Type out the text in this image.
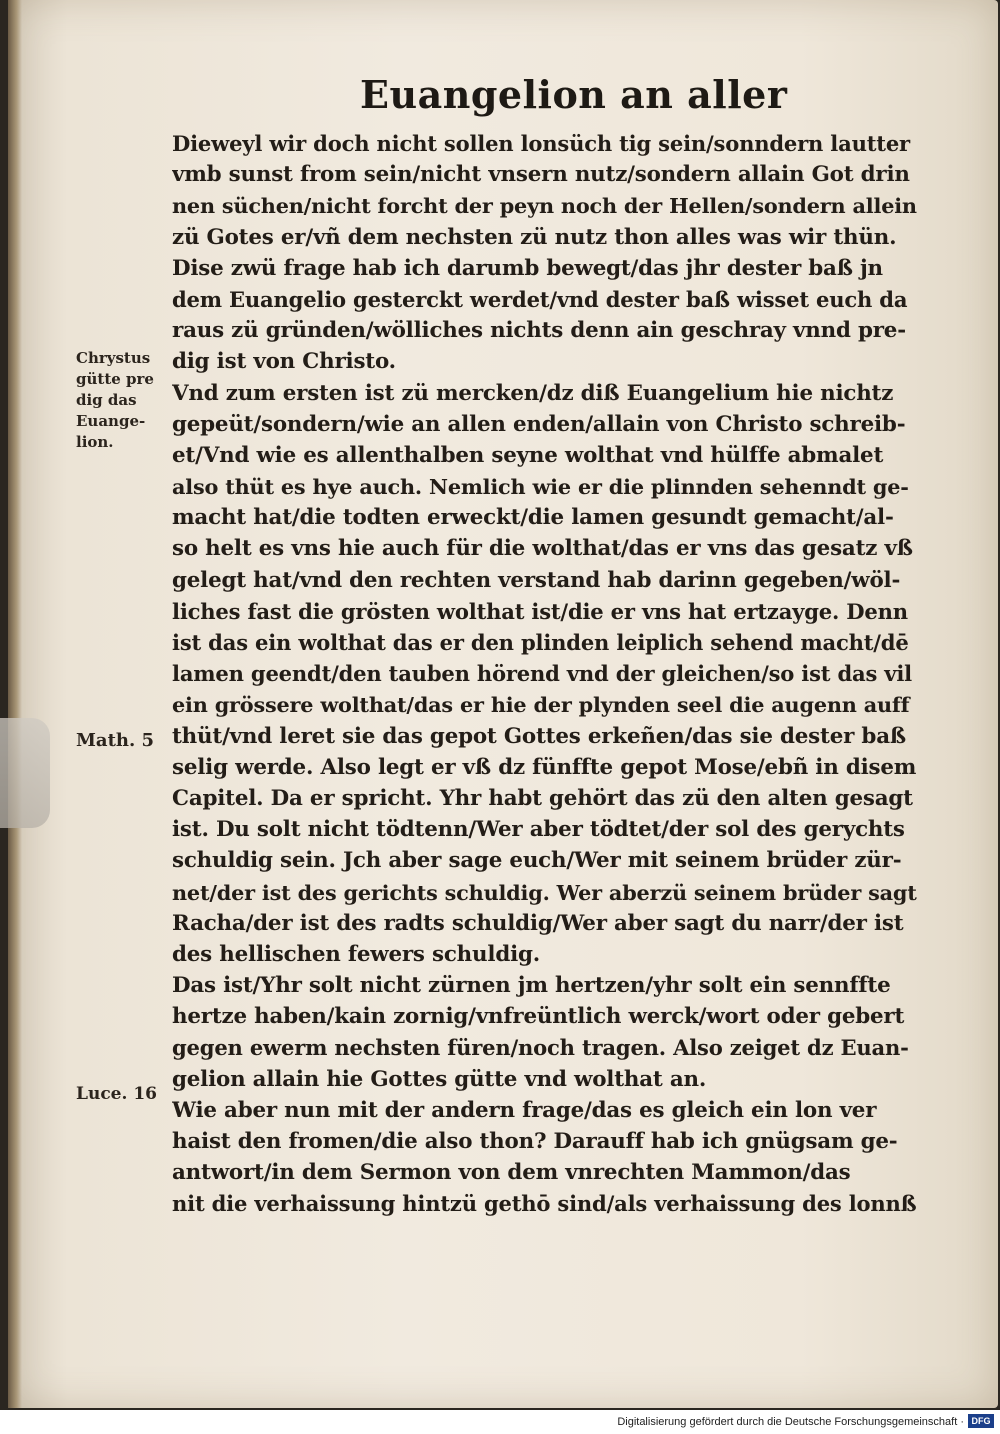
Euangelion an aller
Dieweyl wir doch nicht sollen lonsüch tig sein/sonndern lautter
vmb sunst from sein/nicht vnsern nutz/sondern allain Got drin
nen süchen/nicht forcht der peyn noch der Hellen/sondern allein
zü Gotes er/vñ dem nechsten zü nutz thon alles was wir thün.
Dise zwü frage hab ich darumb bewegt/das jhr dester baß jn
dem Euangelio gesterckt werdet/vnd dester baß wisset euch da
raus zü gründen/wölliches nichts denn ain geschray vnnd pre-
dig ist von Christo.
Vnd zum ersten ist zü mercken/dz diß Euangelium hie nichtz
gepeüt/sondern/wie an allen enden/allain von Christo schreib-
et/Vnd wie es allenthalben seyne wolthat vnd hülffe abmalet
also thüt es hye auch. Nemlich wie er die plinnden sehenndt ge-
macht hat/die todten erweckt/die lamen gesundt gemacht/al-
so helt es vns hie auch für die wolthat/das er vns das gesatz vß
gelegt hat/vnd den rechten verstand hab darinn gegeben/wöl-
liches fast die grösten wolthat ist/die er vns hat ertzayge. Denn
ist das ein wolthat das er den plinden leiplich sehend macht/dē
lamen geendt/den tauben hörend vnd der gleichen/so ist das vil
ein grössere wolthat/das er hie der plynden seel die augenn auff
thüt/vnd leret sie das gepot Gottes erkeñen/das sie dester baß
selig werde. Also legt er vß dz fünffte gepot Mose/ebñ in disem
Capitel. Da er spricht. Yhr habt gehört das zü den alten gesagt
ist. Du solt nicht tödtenn/Wer aber tödtet/der sol des gerychts
schuldig sein. Jch aber sage euch/Wer mit seinem brüder zür-
net/der ist des gerichts schuldig. Wer aberzü seinem brüder sagt
Racha/der ist des radts schuldig/Wer aber sagt du narr/der ist
des hellischen fewers schuldig.
Das ist/Yhr solt nicht zürnen jm hertzen/yhr solt ein sennffte
hertze haben/kain zornig/vnfreüntlich werck/wort oder gebert
gegen ewerm nechsten füren/noch tragen. Also zeiget dz Euan-
gelion allain hie Gottes gütte vnd wolthat an.
Wie aber nun mit der andern frage/das es gleich ein lon ver
haist den fromen/die also thon? Darauff hab ich gnügsam ge-
antwort/in dem Sermon von dem vnrechten Mammon/das
nit die verhaissung hintzü gethō sind/als verhaissung des lonnß
Chrystus
gütte pre
dig das
Euange-
lion.
Math. 5
Luce. 16
Digitalisierung gefördert durch die Deutsche Forschungsgemeinschaft · DFG
